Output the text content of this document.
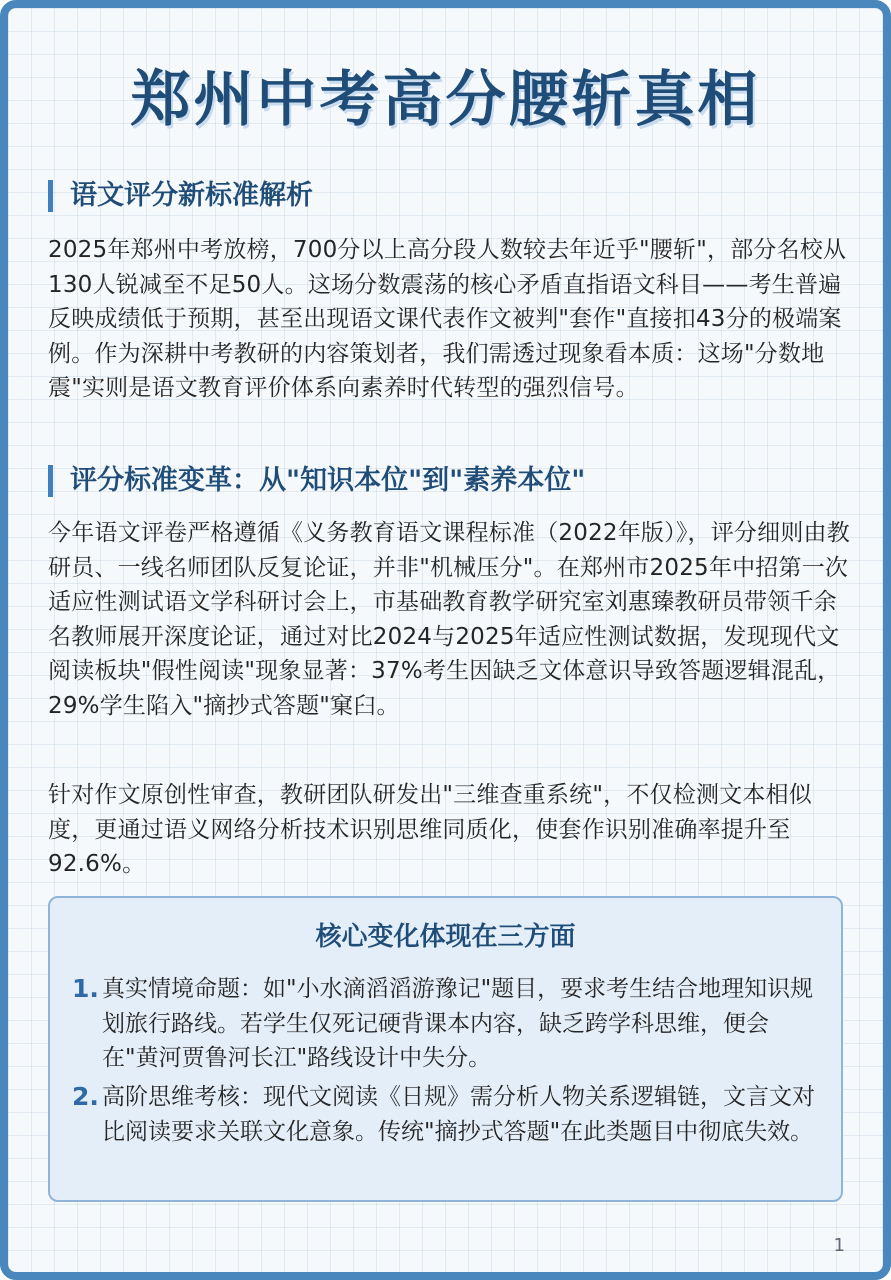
郑州中考高分腰斩真相
语文评分新标准解析

2025年郑州中考放榜，700分以上高分段人数较去年近乎"腰斩"，部分名校从130人锐减至不足50人。这场分数震荡的核心矛盾直指语文科目——考生普遍反映成绩低于预期，甚至出现语文课代表作文被判"套作"直接扣43分的极端案例。作为深耕中考教研的内容策划者，我们需透过现象看本质：这场"分数地震"实则是语文教育评价体系向素养时代转型的强烈信号。

评分标准变革：从"知识本位"到"素养本位"

今年语文评卷严格遵循《义务教育语文课程标准（2022年版）》，评分细则由教研员、一线名师团队反复论证，并非"机械压分"。在郑州市2025年中招第一次适应性测试语文学科研讨会上，市基础教育教学研究室刘惠臻教研员带领千余名教师展开深度论证，通过对比2024与2025年适应性测试数据，发现现代文阅读板块"假性阅读"现象显著：37%考生因缺乏文体意识导致答题逻辑混乱，29%学生陷入"摘抄式答题"窠臼。

针对作文原创性审查，教研团队研发出"三维查重系统"，不仅检测文本相似度，更通过语义网络分析技术识别思维同质化，使套作识别准确率提升至92.6%。

核心变化体现在三方面
1. 真实情境命题：如"小水滴滔滔游豫记"题目，要求考生结合地理知识规划旅行路线。若学生仅死记硬背课本内容，缺乏跨学科思维，便会在"黄河贾鲁河长江"路线设计中失分。

2. 高阶思维考核：现代文阅读《日规》需分析人物关系逻辑链，文言文对比阅读要求关联文化意象。传统"摘抄式答题"在此类题目中彻底失效。

1
